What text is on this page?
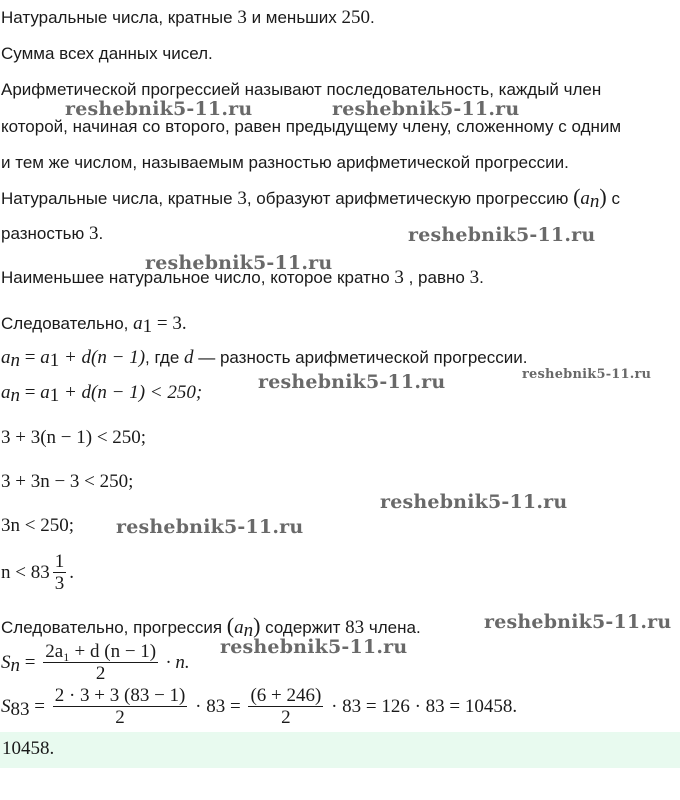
Натуральные числа, кратные 3 и меньших 250.
Сумма всех данных чисел.
Арифметической прогрессией называют последовательность, каждый член
которой, начиная со второго, равен предыдущему члену, сложенному с одним
и тем же числом, называемым разностью арифметической прогрессии.
Натуральные числа, кратные 3, образуют арифметическую прогрессию $(a_n)$ с
разностью 3.
Наименьшее натуральное число, которое кратно 3 , равно 3.
Следовательно, $a_1 = 3$.
$a_n = a_1 + d(n - 1)$, где d — разность арифметической прогрессии.
$a_n = a_1 + d(n - 1) < 250$;
3 + 3(n − 1) < 250;
3 + 3n − 3 < 250;
3n < 250;
$n < 83 \frac{1}{3}$ .
Следовательно, прогрессия $(a_n)$ содержит 83 члена.
$S_n = \frac{\text{2a₁ + d (n − 1)}}{2} \cdot n$.
$S_{83} = \frac{2 \cdot 3 + 3 (83 - 1)}{2} \cdot 83 = \frac{(6 + 246)}{2} \cdot 83 = 126 \cdot 83 = 10458$.
10458.
reshebnik5-11.ru	reshebnik5-11.ru
reshebnik5-11.ru
reshebnik5-11.ru
reshebnik5-11.ru	reshebnik5-11.ru
reshebnik5-11.ru
reshebnik5-11.ru
reshebnik5-11.ru
reshebnik5-11.ru
